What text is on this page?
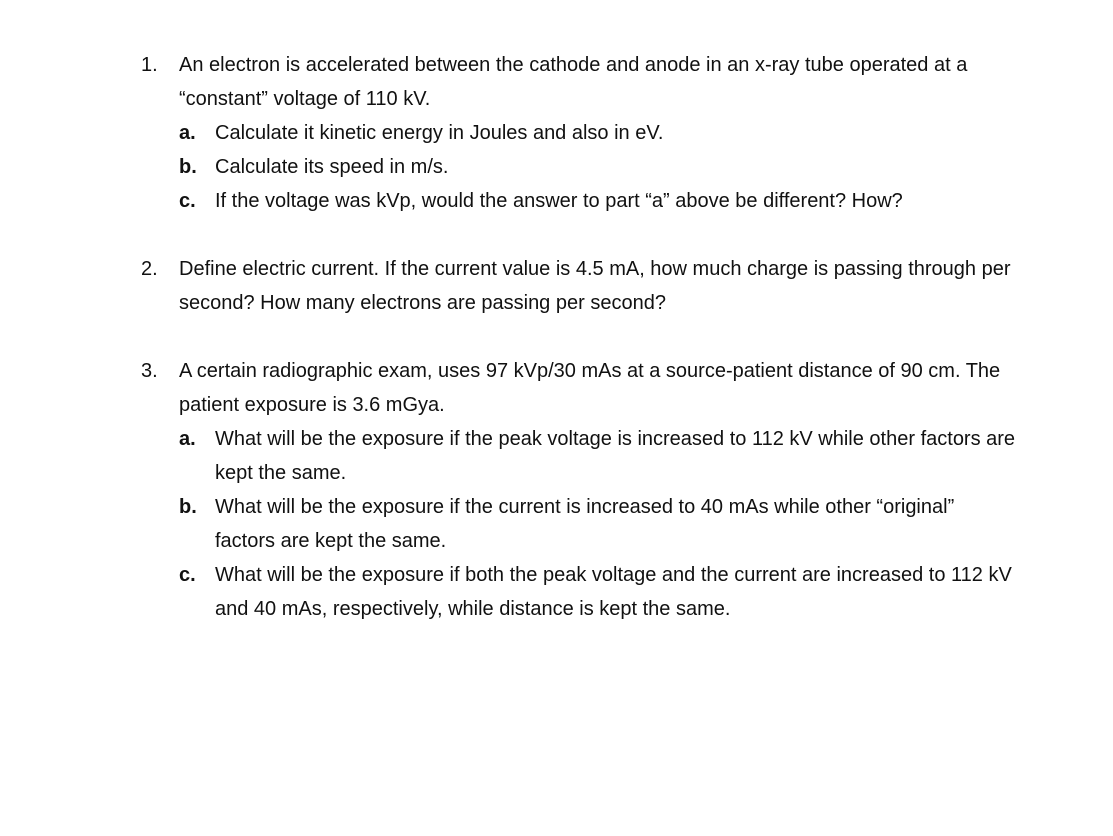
1.	An electron is accelerated between the cathode and anode in an x-ray tube operated at a “constant” voltage of 110 kV.
a. Calculate it kinetic energy in Joules and also in eV.
b. Calculate its speed in m/s.
c. If the voltage was kVp, would the answer to part “a” above be different? How?
2.	Define electric current. If the current value is 4.5 mA, how much charge is passing through per second? How many electrons are passing per second?
3.	A certain radiographic exam, uses 97 kVp/30 mAs at a source-patient distance of 90 cm. The patient exposure is 3.6 mGya.
a. What will be the exposure if the peak voltage is increased to 112 kV while other factors are kept the same.
b. What will be the exposure if the current is increased to 40 mAs while other “original” factors are kept the same.
c. What will be the exposure if both the peak voltage and the current are increased to 112 kV and 40 mAs, respectively, while distance is kept the same.
